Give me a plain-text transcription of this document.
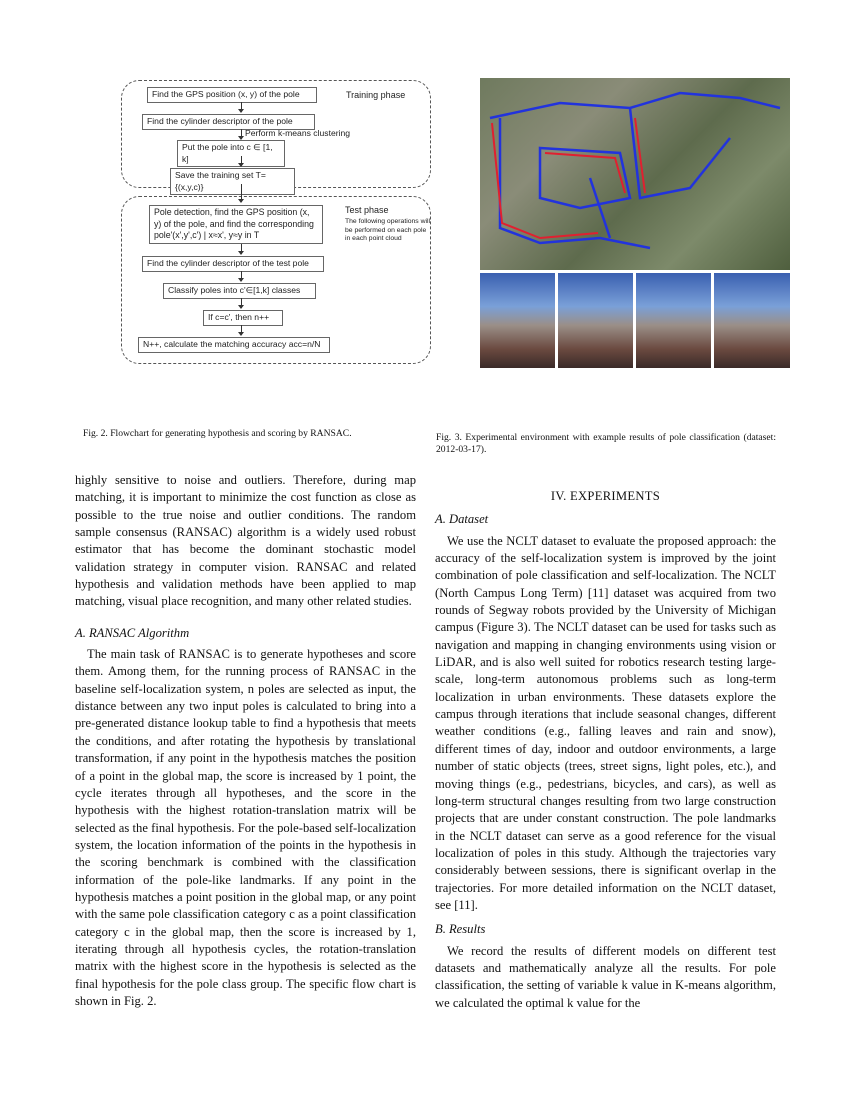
Training phase
Find the GPS position (x, y) of the pole
Find the cylinder descriptor of the pole
Perform k-means clustering
Put the pole into c ∈ [1, k]
Save the training set T={(x,y,c)}
Test phase
The following operations will be performed on each pole in each point cloud
Pole detection, find the GPS position (x, y) of the pole, and find the corresponding pole'(x',y',c') | x≈x', y≈y in T
Find the cylinder descriptor of the test pole
Classify poles into c'∈[1,k] classes
If c=c', then n++
N++, calculate the matching accuracy acc=n/N
Fig. 2. Flowchart for generating hypothesis and scoring by RANSAC.	Fig. 3. Experimental environment with example results of pole classification (dataset: 2012-03-17).

highly sensitive to noise and outliers. Therefore, during map matching, it is important to minimize the cost function as close as possible to the true noise and outlier conditions. The random sample consensus (RANSAC) algorithm is a widely used robust estimator that has become the dominant stochastic model validation strategy in computer vision. RANSAC and related hypothesis and validation methods have been applied to map matching, visual place recognition, and many other related studies.

A. RANSAC Algorithm

The main task of RANSAC is to generate hypotheses and score them. Among them, for the running process of RANSAC in the baseline self-localization system, n poles are selected as input, the distance between any two input poles is calculated to bring into a pre-generated distance lookup table to find a hypothesis that meets the conditions, and after rotating the hypothesis by translational transformation, if any point in the hypothesis matches the position of a point in the global map, the score is increased by 1 point, the cycle iterates through all hypotheses, and the score in the hypothesis with the highest rotation-translation matrix will be selected as the final hypothesis. For the pole-based self-localization system, the location information of the points in the hypothesis in the scoring benchmark is combined with the classification information of the pole-like landmarks. If any point in the hypothesis matches a point position in the global map, or any point with the same pole classification category c as a point classification category c in the global map, then the score is increased by 1, iterating through all hypothesis cycles, the rotation-translation matrix with the highest score in the hypothesis is selected as the final hypothesis for the pole class group. The specific flow chart is shown in Fig. 2.

IV. EXPERIMENTS
A. Dataset

We use the NCLT dataset to evaluate the proposed approach: the accuracy of the self-localization system is improved by the joint combination of pole classification and self-localization. The NCLT (North Campus Long Term) [11] dataset was acquired from two rounds of Segway robots provided by the University of Michigan campus (Figure 3). The NCLT dataset can be used for tasks such as navigation and mapping in changing environments using vision or LiDAR, and is also well suited for robotics research testing large-scale, long-term autonomous problems such as long-term localization in urban environments. These datasets explore the campus through iterations that include seasonal changes, different weather conditions (e.g., falling leaves and rain and snow), different times of day, indoor and outdoor environments, a large number of static objects (trees, street signs, light poles, etc.), and moving things (e.g., pedestrians, bicycles, and cars), as well as long-term structural changes resulting from two large construction projects that are under constant construction. The pole landmarks in the NCLT dataset can serve as a good reference for the visual localization of poles in this study. Although the trajectories vary considerably between sessions, there is significant overlap in the trajectories. For more detailed information on the NCLT dataset, see [11].

B. Results

We record the results of different models on different test datasets and mathematically analyze all the results. For pole classification, the setting of variable k value in K-means algorithm, we calculated the optimal k value for the
